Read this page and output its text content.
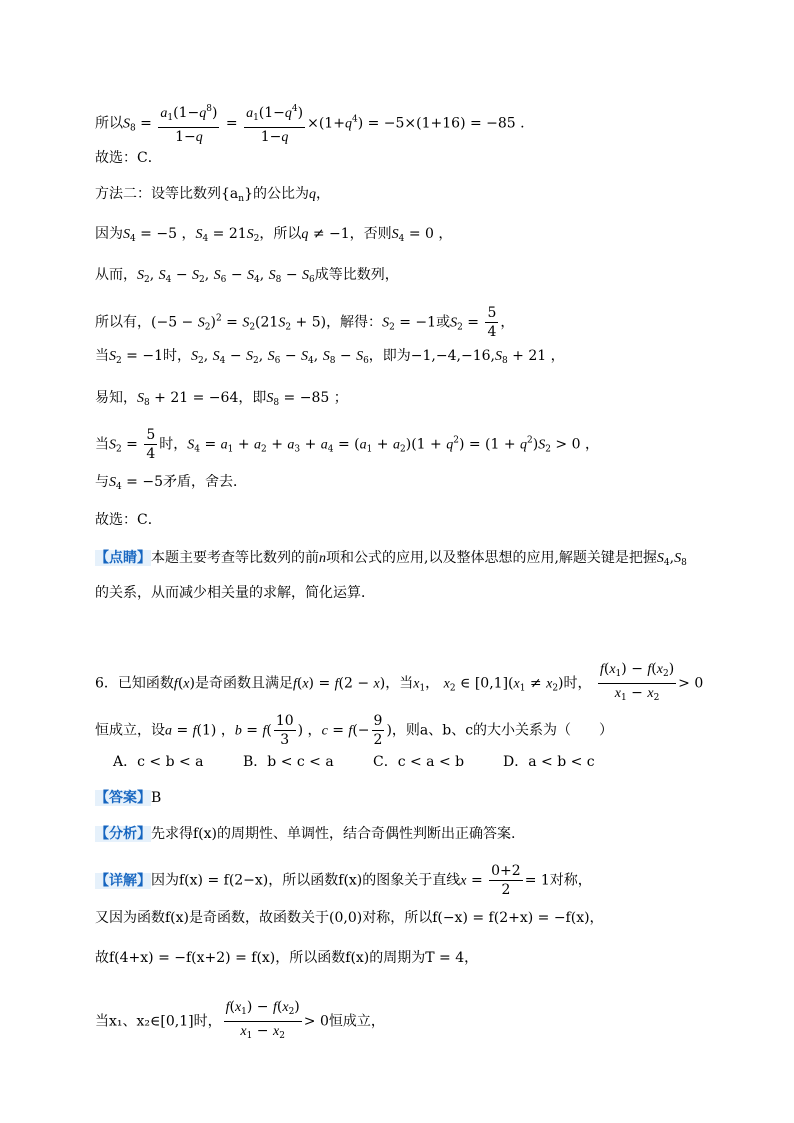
所以$S_8 = \frac{a_1(1-q^8)}{1-q} = \frac{a_1(1-q^4)}{1-q} \times(1+q^4) = -5\times(1+16) = -85$ .
故选：C．
方法二：设等比数列$\{a_n\}$的公比为q，
因为$S_4 = -5$ ，$S_4 = 21S_2$，所以q ≠ −1，否则$S_4 = 0$ ，
从而，$S_2$, $S_4 - S_2$, $S_6 - S_4$, $S_8 - S_6$成等比数列，
所以有，$(-5 - S_2)^2 = S_2(21S_2 + 5)$，解得：$S_2 = -1$或$S_2 = \frac{5}{4}$ ，
当$S_2 = -1$时，$S_2$, $S_4 - S_2$, $S_6 - S_4$, $S_8 - S_6$，即为$-1,-4,-16,S_8 + 21$ ，
易知，$S_8 + 21 = -64$，即$S_8 = -85$ ；
当$S_2 = \frac{5}{4}$ 时，$S_4 = a_1 + a_2 + a_3 + a_4 = (a_1 + a_2)(1 + q^2) = (1 + q^2)S_2 > 0$ ，
与$S_4 = -5$矛盾，舍去．
故选：C．
【点睛】本题主要考查等比数列的前n项和公式的应用,以及整体思想的应用,解题关键是把握$S_4,S_8$
的关系，从而减少相关量的求解，简化运算．
6．已知函数f(x)是奇函数且满足f(x) = f(2 − x)，当$x_1$， $x_2$ ∈ $[0,1](x_1 \ne x_2)$时， $\frac{f(x_1) - f(x_2)}{x_1 - x_2} > 0$
恒成立，设a = f(1) ，$b = f( \frac{10}{3}$ ) ，$c = f(- \frac{9}{2}$ )，则a、b、c的大小关系为（　　）
A．c < b < a	B．b < c < a	C．c < a < b	D．a < b < c
【答案】B
【分析】先求得f(x)的周期性、单调性，结合奇偶性判断出正确答案.
【详解】因为f(x) = f(2−x)，所以函数f(x)的图象关于直线$x = \frac{0+2}{2} = 1$对称，
又因为函数f(x)是奇函数，故函数关于(0,0)对称，所以f(−x) = f(2+x) = −f(x)，
故f(4+x) = −f(x+2) = f(x)，所以函数f(x)的周期为T = 4，
当x₁、x₂∈[0,1]时， $\frac{f(x_1) - f(x_2)}{x_1 - x_2} > 0$恒成立，
